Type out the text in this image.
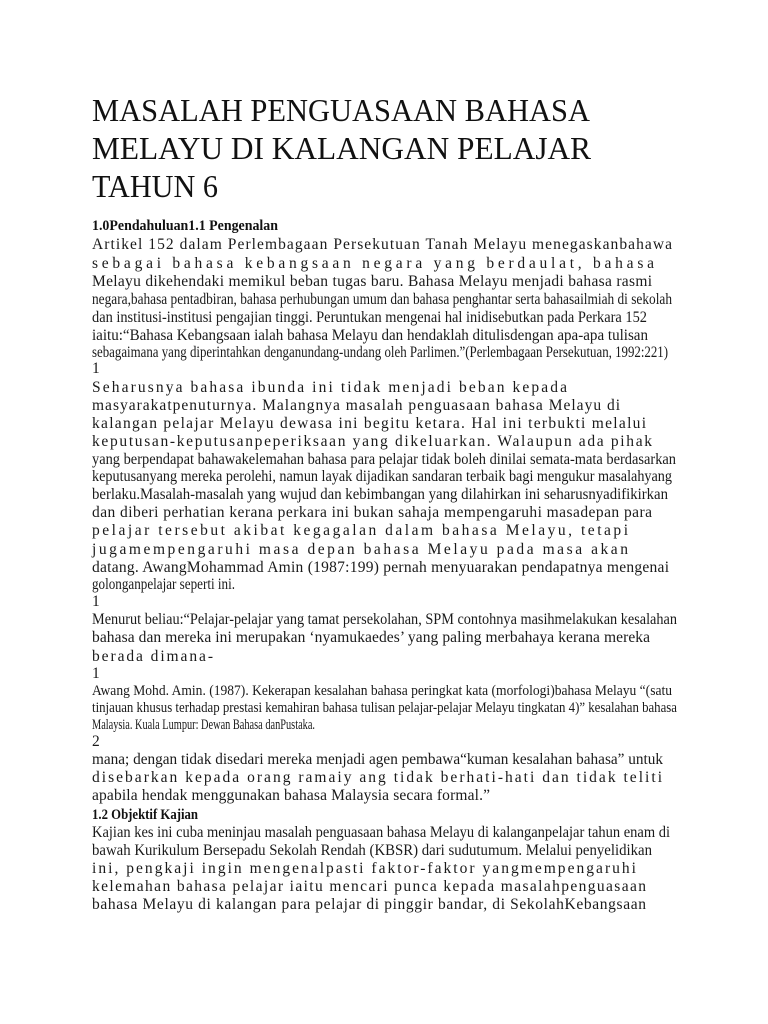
MASALAH PENGUASAAN BAHASA
MELAYU DI KALANGAN PELAJAR
TAHUN 6
1.0Pendahuluan1.1 Pengenalan
Artikel 152 dalam Perlembagaan Persekutuan Tanah Melayu menegaskanbahawa
sebagai bahasa kebangsaan negara yang berdaulat, bahasa
Melayu dikehendaki memikul beban tugas baru. Bahasa Melayu menjadi bahasa rasmi
negara,bahasa pentadbiran, bahasa perhubungan umum dan bahasa penghantar serta bahasailmiah di sekolah
dan institusi-institusi pengajian tinggi. Peruntukan mengenai hal inidisebutkan pada Perkara 152
iaitu:“Bahasa Kebangsaan ialah bahasa Melayu dan hendaklah ditulisdengan apa-apa tulisan
sebagaimana yang diperintahkan denganundang-undang oleh Parlimen.”(Perlembagaan Persekutuan, 1992:221)
1
Seharusnya bahasa ibunda ini tidak menjadi beban kepada
masyarakatpenuturnya. Malangnya masalah penguasaan bahasa Melayu di
kalangan pelajar Melayu dewasa ini begitu ketara. Hal ini terbukti melalui
keputusan-keputusanpeperiksaan yang dikeluarkan. Walaupun ada pihak
yang berpendapat bahawakelemahan bahasa para pelajar tidak boleh dinilai semata-mata berdasarkan
keputusanyang mereka perolehi, namun layak dijadikan sandaran terbaik bagi mengukur masalahyang
berlaku.Masalah-masalah yang wujud dan kebimbangan yang dilahirkan ini seharusnyadifikirkan
dan diberi perhatian kerana perkara ini bukan sahaja mempengaruhi masadepan para
pelajar tersebut akibat kegagalan dalam bahasa Melayu, tetapi
jugamempengaruhi masa depan bahasa Melayu pada masa akan
datang. AwangMohammad Amin (1987:199) pernah menyuarakan pendapatnya mengenai
golonganpelajar seperti ini.
1
Menurut beliau:“Pelajar-pelajar yang tamat persekolahan, SPM contohnya masihmelakukan kesalahan
bahasa dan mereka ini merupakan ‘nyamukaedes’ yang paling merbahaya kerana mereka
berada dimana-
1
Awang Mohd. Amin. (1987). Kekerapan kesalahan bahasa peringkat kata (morfologi)bahasa Melayu “(satu
tinjauan khusus terhadap prestasi kemahiran bahasa tulisan pelajar-pelajar Melayu tingkatan 4)” kesalahan bahasa
Malaysia. Kuala Lumpur: Dewan Bahasa danPustaka.
2
mana; dengan tidak disedari mereka menjadi agen pembawa“kuman kesalahan bahasa” untuk
disebarkan kepada orang ramaiy ang tidak berhati-hati dan tidak teliti
apabila hendak menggunakan bahasa Malaysia secara formal.”
1.2 Objektif Kajian
Kajian kes ini cuba meninjau masalah penguasaan bahasa Melayu di kalanganpelajar tahun enam di
bawah Kurikulum Bersepadu Sekolah Rendah (KBSR) dari sudutumum. Melalui penyelidikan
ini, pengkaji ingin mengenalpasti faktor-faktor yangmempengaruhi
kelemahan bahasa pelajar iaitu mencari punca kepada masalahpenguasaan
bahasa Melayu di kalangan para pelajar di pinggir bandar, di SekolahKebangsaan
